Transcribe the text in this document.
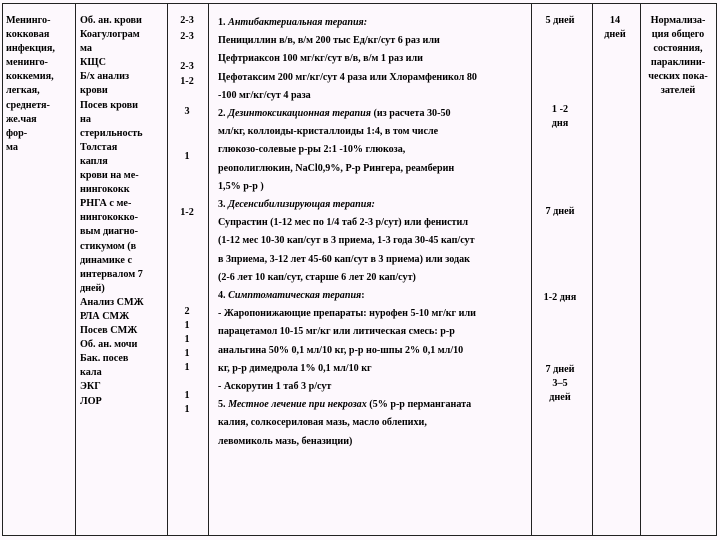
Менинго-
кокковая
инфекция,
менинго-
коккемия,
легкая,
среднетя-
же.чая
фор-
ма
Об. ан. крови
Коагулограм
ма
КЩС
Б/х анализ
крови
Посев крови
на
стерильность
Толстая
капля
крови на ме-
нингококк
РНГА с ме-
нингококко-
вым диагно-
стикумом (в
динамике с
интервалом 7
дней)
Анализ СМЖ
РЛА СМЖ
Посев СМЖ
Об. ан. мочи
Бак. посев
кала
ЭКГ
ЛОР
2-3
2-3
2-3
1-2
3
1
1-2
2
1
1
1
1
1
1
1. Антибактериальная терапия:
Пенициллин в/в, в/м 200 тыс Ед/кг/сут 6 раз или
Цефтриаксон 100 мг/кг/сут в/в, в/м 1 раз или
Цефотаксим 200 мг/кг/сут 4 раза или Хлорамфеникол 80
-100 мг/кг/сут 4 раза
2. Дезинтоксикационная терапия (из расчета 30-50
мл/кг, коллоиды-кристаллоиды 1:4, в том числе
глюкозо-солевые р-ры 2:1 -10% глюкоза,
реополиглюкин, NaCl0,9%, Р-р Рингера, реамберин
1,5% р-р )
3. Десенсибилизирующая терапия:
Супрастин (1-12 мес по 1/4 таб 2-3 р/сут) или фенистил
(1-12 мес 10-30 кап/сут в 3 приема, 1-3 года 30-45 кап/сут
в 3приема, 3-12 лет 45-60 кап/сут в 3 приема) или зодак
(2-6 лет 10 кап/сут, старше 6 лет 20 кап/сут)
4. Симптоматическая терапия:
- Жаропонижающие препараты: нурофен 5-10 мг/кг или
парацетамол 10-15 мг/кг или литическая смесь: р-р
анальгина 50% 0,1 мл/10 кг, р-р но-шпы 2% 0,1 мл/10
кг, р-р димедрола 1% 0,1 мл/10 кг
- Аскорутин 1 таб 3 р/сут
5. Местное лечение при некрозах (5% р-р перманганата
калия, солкосериловая мазь, масло облепихи,
левомиколь мазь, беназиции)
5 дней
1 -2
дня
7 дней
1-2 дня
7 дней
3–5
дней
14
дней
Нормализа-
ция общего
состояния,
параклини-
ческих пока-
зателей
